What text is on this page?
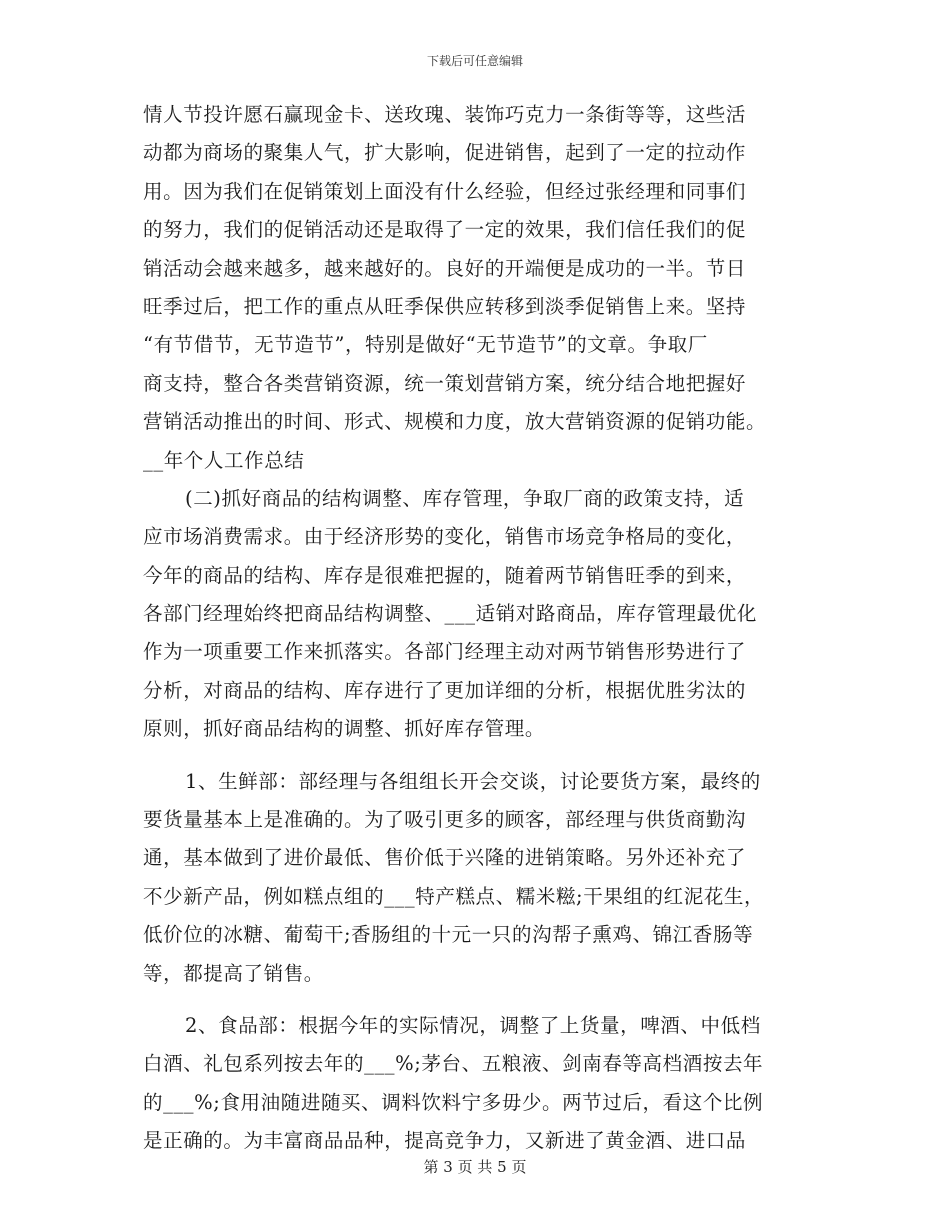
下载后可任意编辑
情人节投许愿石赢现金卡、送玫瑰、装饰巧克力一条街等等，这些活
动都为商场的聚集人气，扩大影响，促进销售，起到了一定的拉动作
用。因为我们在促销策划上面没有什么经验，但经过张经理和同事们
的努力，我们的促销活动还是取得了一定的效果，我们信任我们的促
销活动会越来越多，越来越好的。良好的开端便是成功的一半。节日
旺季过后，把工作的重点从旺季保供应转移到淡季促销售上来。坚持
“有节借节，无节造节”，特别是做好“无节造节”的文章。争取厂
商支持，整合各类营销资源，统一策划营销方案，统分结合地把握好
营销活动推出的时间、形式、规模和力度，放大营销资源的促销功能。
__年个人工作总结
(二)抓好商品的结构调整、库存管理，争取厂商的政策支持，适
应市场消费需求。由于经济形势的变化，销售市场竞争格局的变化，
今年的商品的结构、库存是很难把握的，随着两节销售旺季的到来，
各部门经理始终把商品结构调整、___适销对路商品，库存管理最优化
作为一项重要工作来抓落实。各部门经理主动对两节销售形势进行了
分析，对商品的结构、库存进行了更加详细的分析，根据优胜劣汰的
原则，抓好商品结构的调整、抓好库存管理。
1、生鲜部：部经理与各组组长开会交谈，讨论要货方案，最终的
要货量基本上是准确的。为了吸引更多的顾客，部经理与供货商勤沟
通，基本做到了进价最低、售价低于兴隆的进销策略。另外还补充了
不少新产品，例如糕点组的___特产糕点、糯米糍;干果组的红泥花生，
低价位的冰糖、葡萄干;香肠组的十元一只的沟帮子熏鸡、锦江香肠等
等，都提高了销售。
2、食品部：根据今年的实际情况，调整了上货量，啤酒、中低档
白酒、礼包系列按去年的___%;茅台、五粮液、剑南春等高档酒按去年
的___%;食用油随进随买、调料饮料宁多毋少。两节过后，看这个比例
是正确的。为丰富商品品种，提高竞争力，又新进了黄金酒、进口品
第 3 页 共 5 页
